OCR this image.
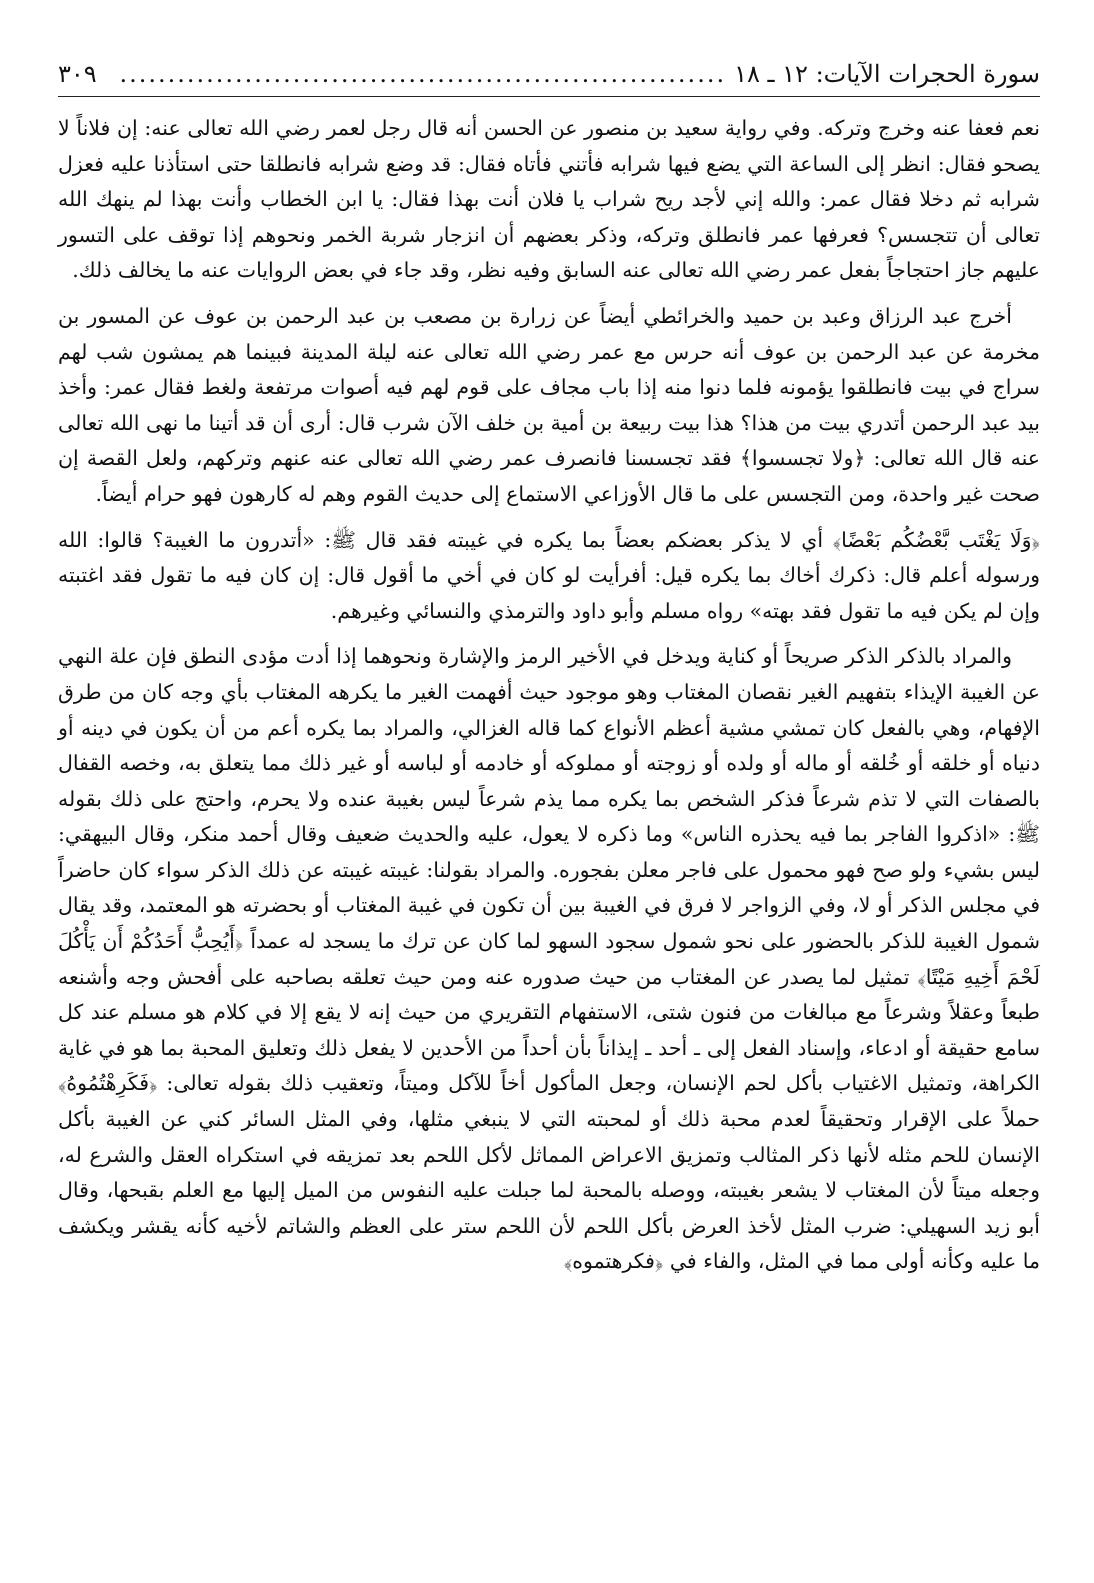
سورة الحجرات الآيات: ١٢ ـ ١٨
...............................................................
٣٠٩

نعم فعفا عنه وخرج وتركه. وفي رواية سعيد بن منصور عن الحسن أنه قال رجل لعمر رضي الله تعالى عنه: إن فلاناً لا يصحو فقال: انظر إلى الساعة التي يضع فيها شرابه فأتني فأتاه فقال: قد وضع شرابه فانطلقا حتى استأذنا عليه فعزل شرابه ثم دخلا فقال عمر: والله إني لأجد ريح شراب يا فلان أنت بهذا فقال: يا ابن الخطاب وأنت بهذا لم ينهك الله تعالى أن تتجسس؟ فعرفها عمر فانطلق وتركه، وذكر بعضهم أن انزجار شربة الخمر ونحوهم إذا توقف على التسور عليهم جاز احتجاجاً بفعل عمر رضي الله تعالى عنه السابق وفيه نظر، وقد جاء في بعض الروايات عنه ما يخالف ذلك.

أخرج عبد الرزاق وعبد بن حميد والخرائطي أيضاً عن زرارة بن مصعب بن عبد الرحمن بن عوف عن المسور بن مخرمة عن عبد الرحمن بن عوف أنه حرس مع عمر رضي الله تعالى عنه ليلة المدينة فبينما هم يمشون شب لهم سراج في بيت فانطلقوا يؤمونه فلما دنوا منه إذا باب مجاف على قوم لهم فيه أصوات مرتفعة ولغط فقال عمر: وأخذ بيد عبد الرحمن أتدري بيت من هذا؟ هذا بيت ربيعة بن أمية بن خلف الآن شرب قال: أرى أن قد أتينا ما نهى الله تعالى عنه قال الله تعالى: ﴿ولا تجسسوا﴾ فقد تجسسنا فانصرف عمر رضي الله تعالى عنه عنهم وتركهم، ولعل القصة إن صحت غير واحدة، ومن التجسس على ما قال الأوزاعي الاستماع إلى حديث القوم وهم له كارهون فهو حرام أيضاً.

﴿وَلَا يَغْتَب بَّعْضُكُم بَعْضًا﴾ أي لا يذكر بعضكم بعضاً بما يكره في غيبته فقد قال ﷺ: «أتدرون ما الغيبة؟ قالوا: الله ورسوله أعلم قال: ذكرك أخاك بما يكره قيل: أفرأيت لو كان في أخي ما أقول قال: إن كان فيه ما تقول فقد اغتبته وإن لم يكن فيه ما تقول فقد بهته» رواه مسلم وأبو داود والترمذي والنسائي وغيرهم.

والمراد بالذكر الذكر صريحاً أو كناية ويدخل في الأخير الرمز والإشارة ونحوهما إذا أدت مؤدى النطق فإن علة النهي عن الغيبة الإيذاء بتفهيم الغير نقصان المغتاب وهو موجود حيث أفهمت الغير ما يكرهه المغتاب بأي وجه كان من طرق الإفهام، وهي بالفعل كان تمشي مشية أعظم الأنواع كما قاله الغزالي، والمراد بما يكره أعم من أن يكون في دينه أو دنياه أو خلقه أو خُلقه أو ماله أو ولده أو زوجته أو مملوكه أو خادمه أو لباسه أو غير ذلك مما يتعلق به، وخصه القفال بالصفات التي لا تذم شرعاً فذكر الشخص بما يكره مما يذم شرعاً ليس بغيبة عنده ولا يحرم، واحتج على ذلك بقوله ﷺ: «اذكروا الفاجر بما فيه يحذره الناس» وما ذكره لا يعول، عليه والحديث ضعيف وقال أحمد منكر، وقال البيهقي: ليس بشيء ولو صح فهو محمول على فاجر معلن بفجوره. والمراد بقولنا: غيبته غيبته عن ذلك الذكر سواء كان حاضراً في مجلس الذكر أو لا، وفي الزواجر لا فرق في الغيبة بين أن تكون في غيبة المغتاب أو بحضرته هو المعتمد، وقد يقال شمول الغيبة للذكر بالحضور على نحو شمول سجود السهو لما كان عن ترك ما يسجد له عمداً ﴿أَيُحِبُّ أَحَدُكُمْ أَن يَأْكُلَ لَحْمَ أَخِيهِ مَيْتًا﴾ تمثيل لما يصدر عن المغتاب من حيث صدوره عنه ومن حيث تعلقه بصاحبه على أفحش وجه وأشنعه طبعاً وعقلاً وشرعاً مع مبالغات من فنون شتى، الاستفهام التقريري من حيث إنه لا يقع إلا في كلام هو مسلم عند كل سامع حقيقة أو ادعاء، وإسناد الفعل إلى ـ أحد ـ إيذاناً بأن أحداً من الأحدين لا يفعل ذلك وتعليق المحبة بما هو في غاية الكراهة، وتمثيل الاغتياب بأكل لحم الإنسان، وجعل المأكول أخاً للآكل وميتاً، وتعقيب ذلك بقوله تعالى: ﴿فَكَرِهْتُمُوهُ﴾ حملاً على الإقرار وتحقيقاً لعدم محبة ذلك أو لمحبته التي لا ينبغي مثلها، وفي المثل السائر كني عن الغيبة بأكل الإنسان للحم مثله لأنها ذكر المثالب وتمزيق الاعراض المماثل لأكل اللحم بعد تمزيقه في استكراه العقل والشرع له، وجعله ميتاً لأن المغتاب لا يشعر بغيبته، ووصله بالمحبة لما جبلت عليه النفوس من الميل إليها مع العلم بقبحها، وقال أبو زيد السهيلي: ضرب المثل لأخذ العرض بأكل اللحم لأن اللحم ستر على العظم والشاتم لأخيه كأنه يقشر ويكشف ما عليه وكأنه أولى مما في المثل، والفاء في ﴿فكرهتموه﴾
